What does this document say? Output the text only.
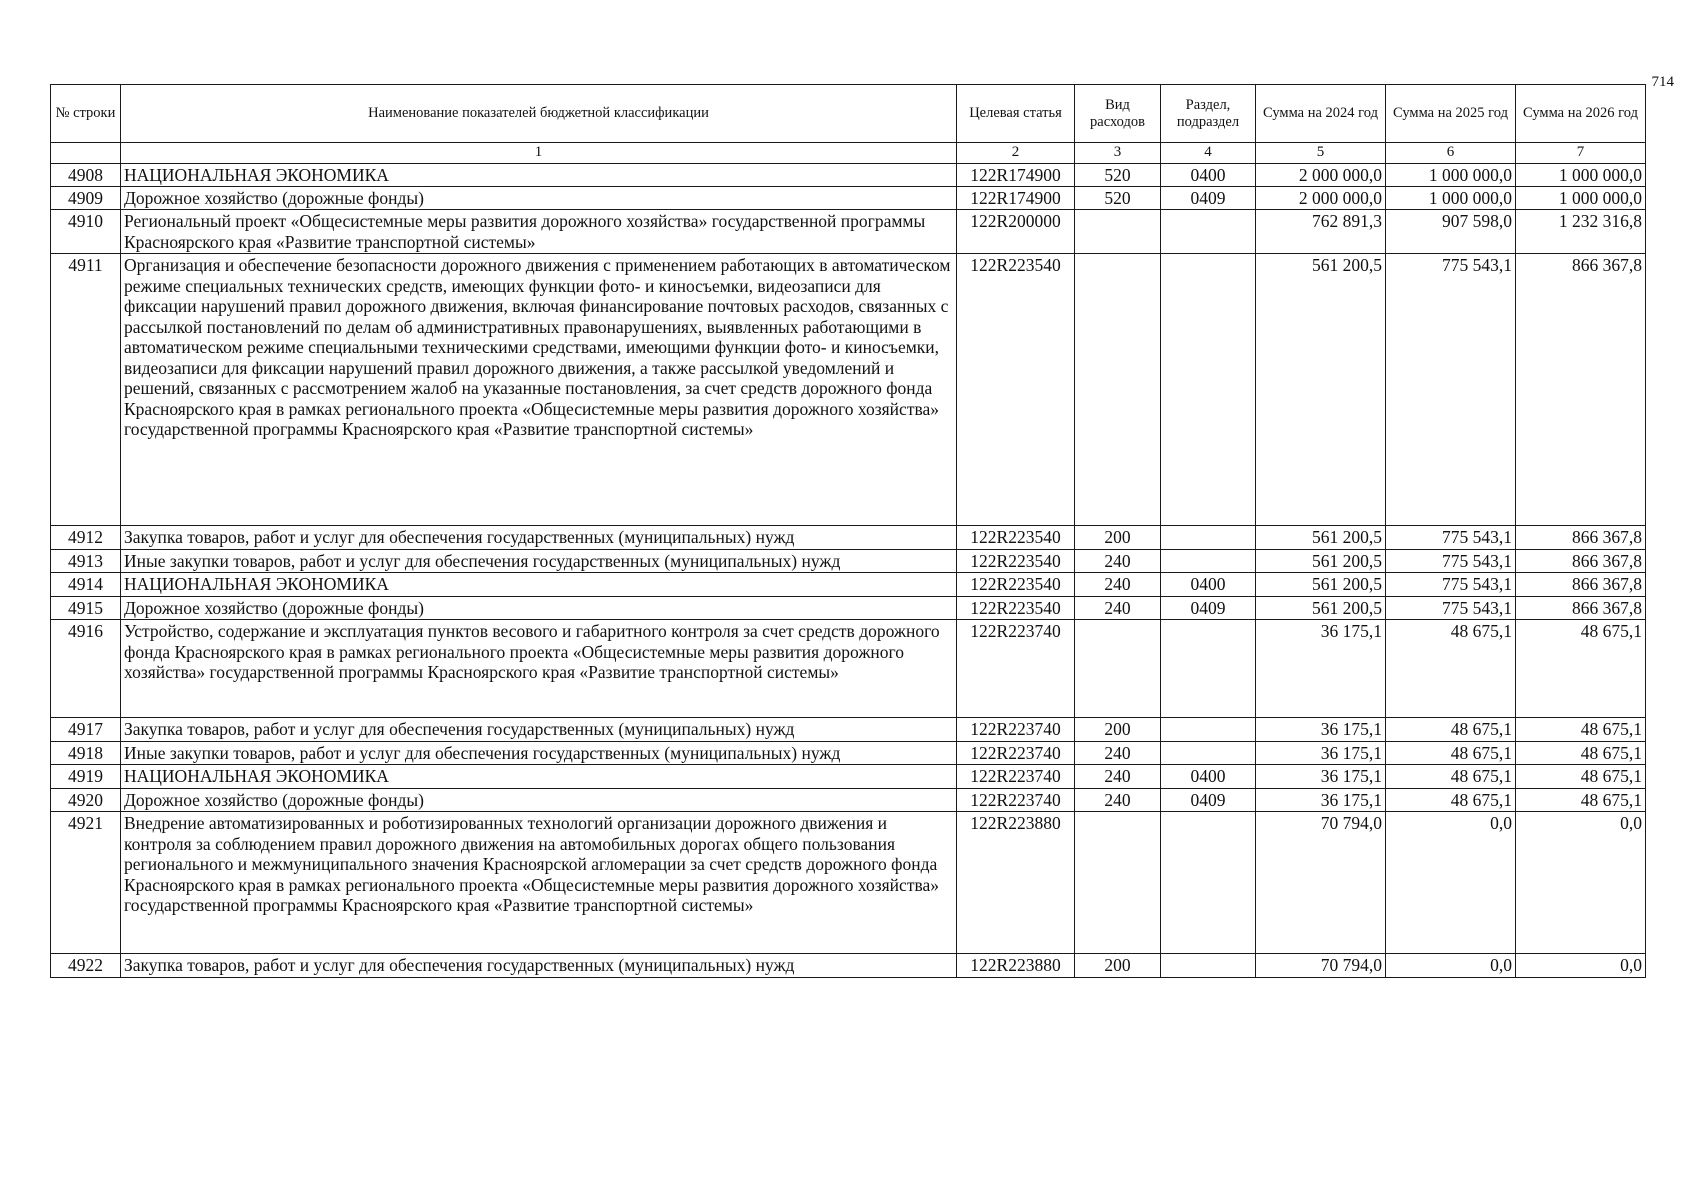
714
№ строки	Наименование показателей бюджетной классификации	Целевая статья	Вид расходов	Раздел, подраздел	Сумма на 2024 год	Сумма на 2025 год	Сумма на 2026 год
	1	2	3	4	5	6	7
4908	НАЦИОНАЛЬНАЯ ЭКОНОМИКА	122R174900	520	0400	2 000 000,0	1 000 000,0	1 000 000,0
4909	Дорожное хозяйство (дорожные фонды)	122R174900	520	0409	2 000 000,0	1 000 000,0	1 000 000,0
4910	Региональный проект «Общесистемные меры развития дорожного хозяйства» государственной программы Красноярского края «Развитие транспортной системы»	122R200000			762 891,3	907 598,0	1 232 316,8
4911	Организация и обеспечение безопасности дорожного движения с применением работающих в автоматическом режиме специальных технических средств, имеющих функции фото- и киносъемки, видеозаписи для фиксации нарушений правил дорожного движения, включая финансирование почтовых расходов, связанных с рассылкой постановлений по делам об административных правонарушениях, выявленных работающими в автоматическом режиме специальными техническими средствами, имеющими функции фото- и киносъемки, видеозаписи для фиксации нарушений правил дорожного движения, а также рассылкой уведомлений и решений, связанных с рассмотрением жалоб на указанные постановления, за счет средств дорожного фонда Красноярского края в рамках регионального проекта «Общесистемные меры развития дорожного хозяйства» государственной программы Красноярского края «Развитие транспортной системы»	122R223540			561 200,5	775 543,1	866 367,8
4912	Закупка товаров, работ и услуг для обеспечения государственных (муниципальных) нужд	122R223540	200		561 200,5	775 543,1	866 367,8
4913	Иные закупки товаров, работ и услуг для обеспечения государственных (муниципальных) нужд	122R223540	240		561 200,5	775 543,1	866 367,8
4914	НАЦИОНАЛЬНАЯ ЭКОНОМИКА	122R223540	240	0400	561 200,5	775 543,1	866 367,8
4915	Дорожное хозяйство (дорожные фонды)	122R223540	240	0409	561 200,5	775 543,1	866 367,8
4916	Устройство, содержание и эксплуатация пунктов весового и габаритного контроля за счет средств дорожного фонда Красноярского края в рамках регионального проекта «Общесистемные меры развития дорожного хозяйства» государственной программы Красноярского края «Развитие транспортной системы»	122R223740			36 175,1	48 675,1	48 675,1
4917	Закупка товаров, работ и услуг для обеспечения государственных (муниципальных) нужд	122R223740	200		36 175,1	48 675,1	48 675,1
4918	Иные закупки товаров, работ и услуг для обеспечения государственных (муниципальных) нужд	122R223740	240		36 175,1	48 675,1	48 675,1
4919	НАЦИОНАЛЬНАЯ ЭКОНОМИКА	122R223740	240	0400	36 175,1	48 675,1	48 675,1
4920	Дорожное хозяйство (дорожные фонды)	122R223740	240	0409	36 175,1	48 675,1	48 675,1
4921	Внедрение автоматизированных и роботизированных технологий организации дорожного движения и контроля за соблюдением правил дорожного движения на автомобильных дорогах общего пользования регионального и межмуниципального значения Красноярской агломерации за счет средств дорожного фонда Красноярского края в рамках регионального проекта «Общесистемные меры развития дорожного хозяйства» государственной программы Красноярского края «Развитие транспортной системы»	122R223880			70 794,0	0,0	0,0
4922	Закупка товаров, работ и услуг для обеспечения государственных (муниципальных) нужд	122R223880	200		70 794,0	0,0	0,0
